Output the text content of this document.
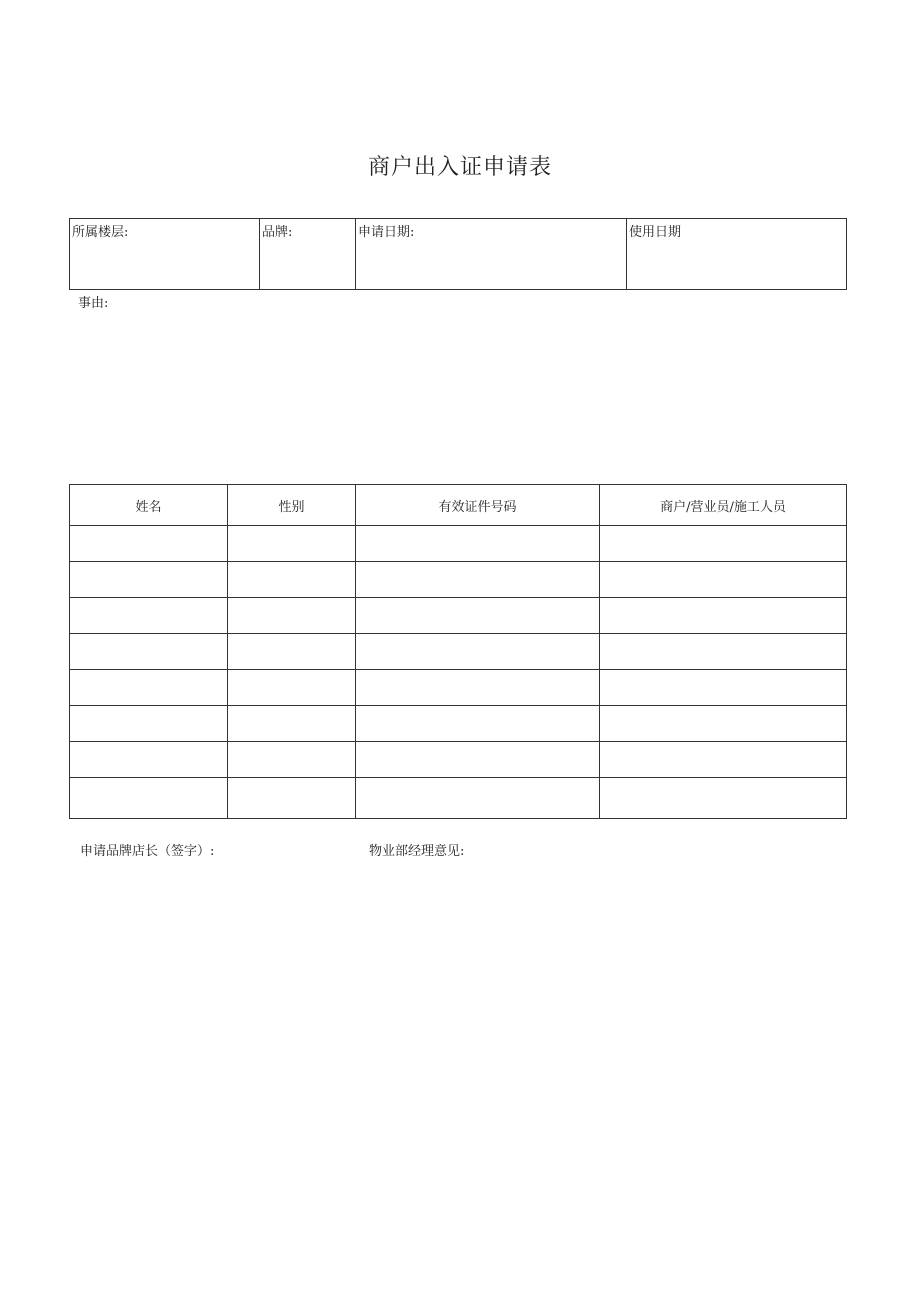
商户出入证申请表
所属楼层:	品牌:	申请日期:	使用日期
事由:
姓名	性别	有效证件号码	商户/营业员/施工人员

申请品牌店长（签字）:	物业部经理意见:
